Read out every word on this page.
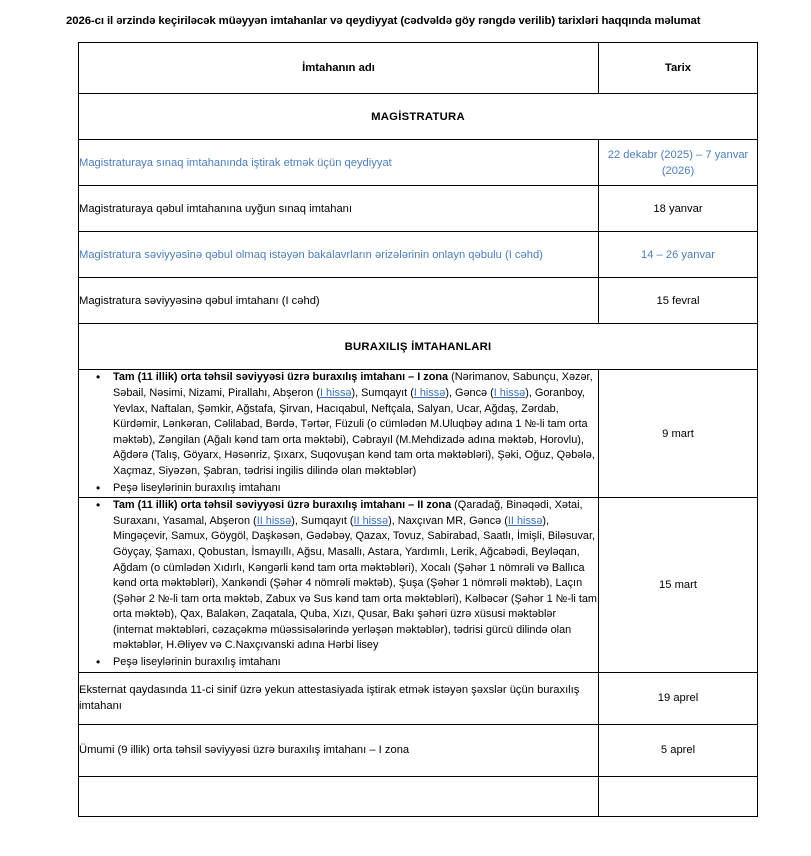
2026-cı il ərzində keçiriləcək müəyyən imtahanlar və qeydiyyat (cədvəldə göy rəngdə verilib) tarixləri haqqında məlumat
İmtahanın adı	Tarix
MAGİSTRATURA	
Magistraturaya sınaq imtahanında iştirak etmək üçün qeydiyyat	22 dekabr (2025) – 7 yanvar (2026)
Magistraturaya qəbul imtahanına uyğun sınaq imtahanı	18 yanvar
Magistratura səviyyəsinə qəbul olmaq istəyən bakalavrların ərizələrinin onlayn qəbulu (I cəhd)	14 – 26 yanvar
Magistratura səviyyəsinə qəbul imtahanı (I cəhd)	15 fevral
BURAXILIŞ İMTAHANLARI	

• Tam (11 illik) orta təhsil səviyyəsi üzrə buraxılış imtahanı – I zona (Nərimanov, Sabunçu, Xəzər, Səbail, Nəsimi, Nizami, Pirallahı, Abşeron (I hissə), Sumqayıt (I hissə), Gəncə (I hissə), Goranboy, Yevlax, Naftalan, Şəmkir, Ağstafa, Şirvan, Hacıqabul, Neftçala, Salyan, Ucar, Ağdaş, Zərdab, Kürdəmir, Lənkəran, Cəlilabad, Bərdə, Tərtər, Füzuli (o cümlədən M.Uluqbəy adına 1 №-li tam orta məktəb), Zəngilan (Ağalı kənd tam orta məktəbi), Cəbrayıl (M.Mehdizadə adına məktəb, Horovlu), Ağdərə (Talış, Göyarx, Həsənriz, Şıxarx, Suqovuşan kənd tam orta məktəbləri), Şəki, Oğuz, Qəbələ, Xaçmaz, Siyəzən, Şabran, tədrisi ingilis dilində olan məktəblər)
• Peşə liseylərinin buraxılış imtahanı
	9 mart

• Tam (11 illik) orta təhsil səviyyəsi üzrə buraxılış imtahanı – II zona (Qaradağ, Binəqədi, Xətai, Suraxanı, Yasamal, Abşeron (II hissə), Sumqayıt (II hissə), Naxçıvan MR, Gəncə (II hissə), Mingəçevir, Samux, Göygöl, Daşkəsən, Gədəbəy, Qazax, Tovuz, Sabirabad, Saatlı, İmişli, Biləsuvar, Göyçay, Şamaxı, Qobustan, İsmayıllı, Ağsu, Masallı, Astara, Yardımlı, Lerik, Ağcabədi, Beyləqan, Ağdam (o cümlədən Xıdırlı, Kəngərli kənd tam orta məktəbləri), Xocalı (Şəhər 1 nömrəli və Ballıca kənd orta məktəbləri), Xankəndi (Şəhər 4 nömrəli məktəb), Şuşa (Şəhər 1 nömrəli məktəb), Laçın (Şəhər 2 №-li tam orta məktəb, Zabux və Sus kənd tam orta məktəbləri), Kəlbəcər (Şəhər 1 №-li tam orta məktəb), Qax, Balakən, Zaqatala, Quba, Xızı, Qusar, Bakı şəhəri üzrə xüsusi məktəblər (internat məktəbləri, cəzaçəkmə müəssisələrində yerləşən məktəblər), tədrisi gürcü dilində olan məktəblər, H.Əliyev və C.Naxçıvanski adına Hərbi lisey
• Peşə liseylərinin buraxılış imtahanı
	15 mart
Eksternat qaydasında 11-ci sinif üzrə yekun attestasiyada iştirak etmək istəyən şəxslər üçün buraxılış imtahanı	19 aprel
Ümumi (9 illik) orta təhsil səviyyəsi üzrə buraxılış imtahanı – I zona	5 aprel
